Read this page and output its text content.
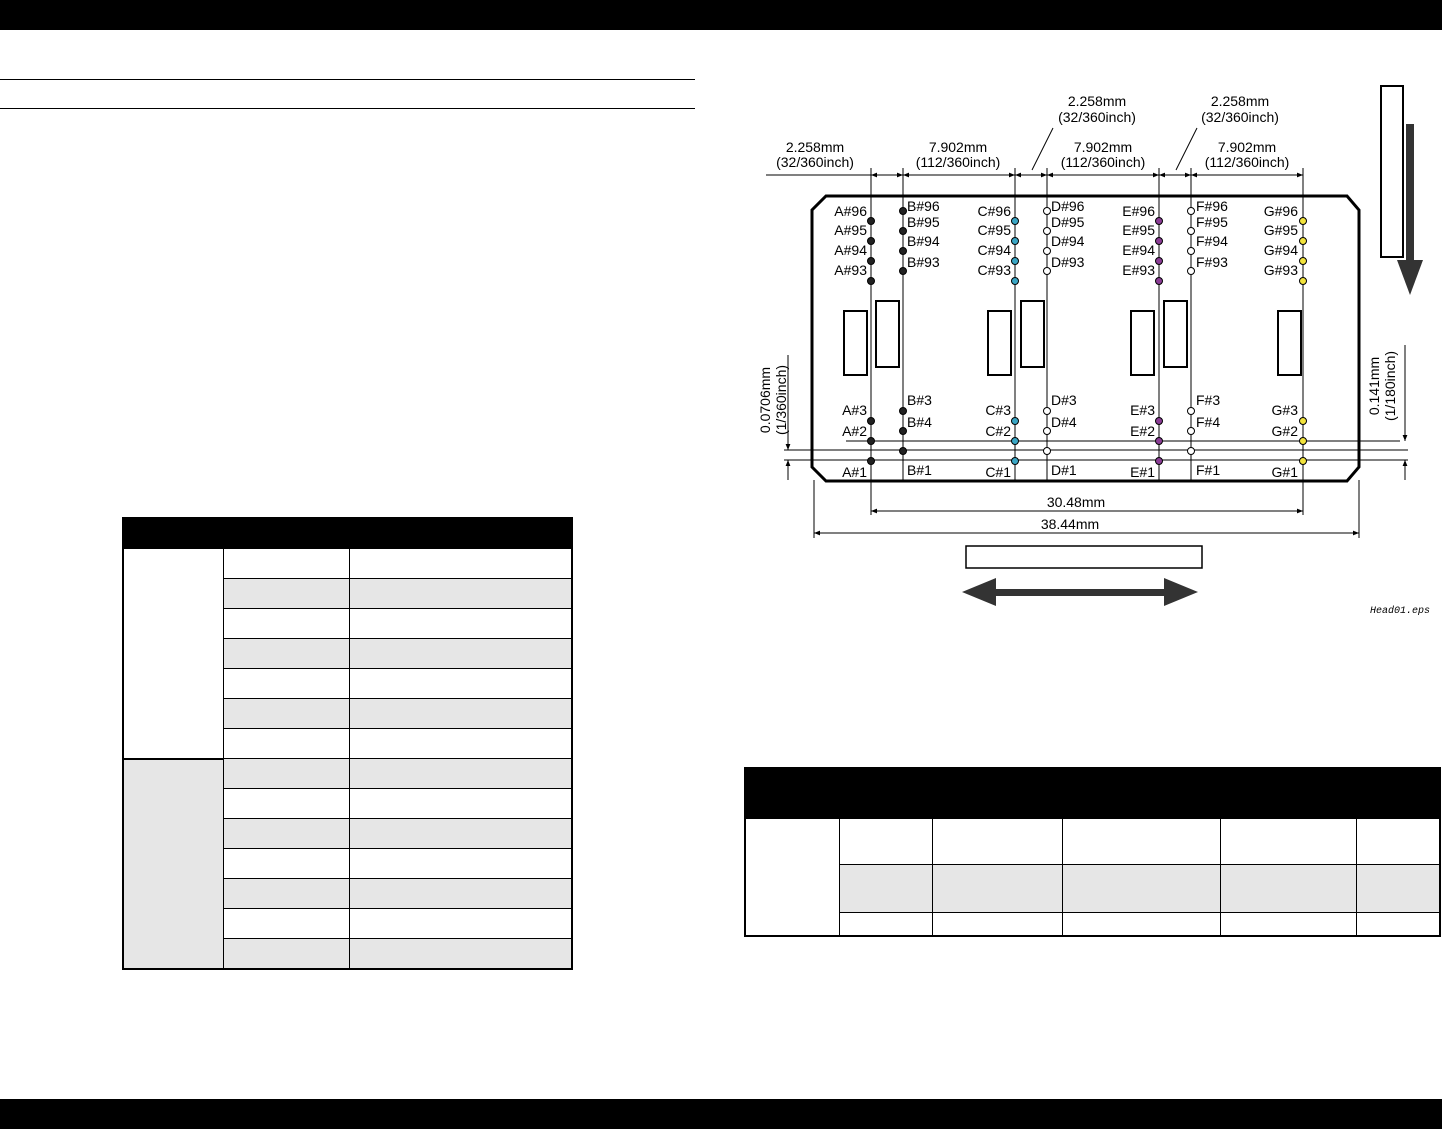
2.258mm
(32/360inch)
7.902mm
(112/360inch)
2.258mm
(32/360inch)
7.902mm
(112/360inch)
2.258mm
(32/360inch)
7.902mm
(112/360inch)
30.48mm
38.44mm
0.0706mm (1/360inch)	0.141mm (1/180inch)
Head01.eps
A#96
A#95
A#94
A#93
A#3
A#2
A#1
C#96
C#95
C#94
C#93
C#3
C#2
C#1
E#96
E#95
E#94
E#93
E#3
E#2
E#1
G#96
G#95
G#94
G#93
G#3
G#2
G#1
B#96
B#95
B#94
B#93
B#3
B#4
B#1
D#96
D#95
D#94
D#93
D#3
D#4
D#1
F#96
F#95
F#94
F#93
F#3
F#4
F#1
